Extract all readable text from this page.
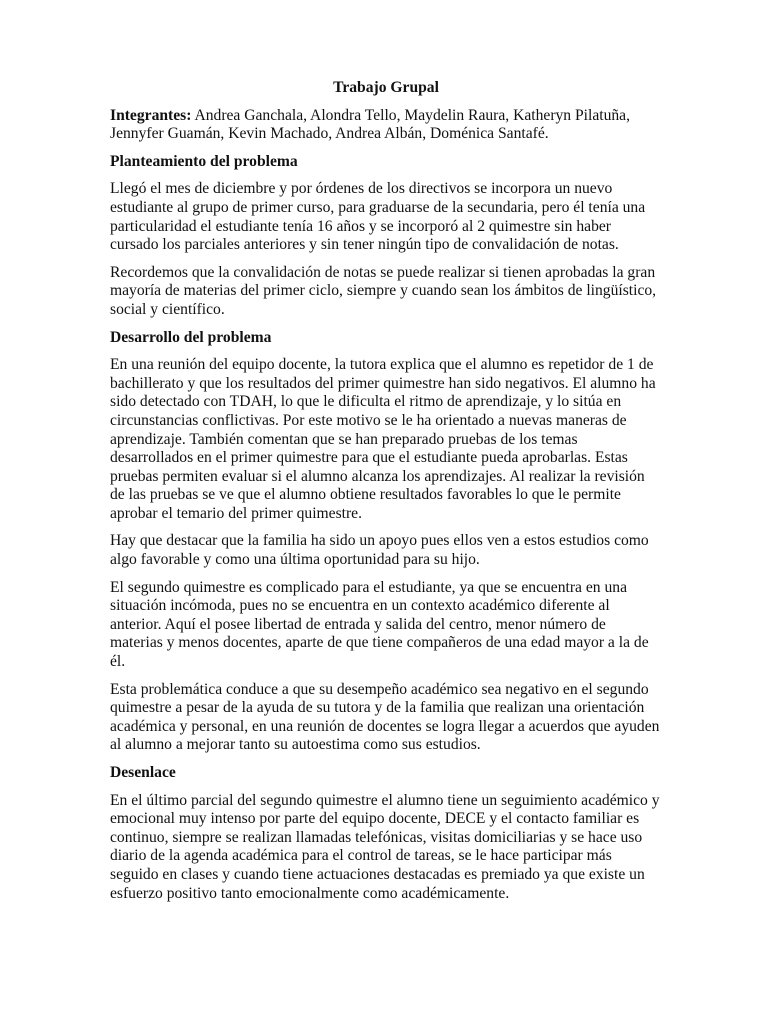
Trabajo Grupal

Integrantes: Andrea Ganchala, Alondra Tello, Maydelin Raura, Katheryn Pilatuña, Jennyfer Guamán, Kevin Machado, Andrea Albán, Doménica Santafé.

Planteamiento del problema

Llegó el mes de diciembre y por órdenes de los directivos se incorpora un nuevo estudiante al grupo de primer curso, para graduarse de la secundaria, pero él tenía una particularidad el estudiante tenía 16 años y se incorporó al 2 quimestre sin haber cursado los parciales anteriores y sin tener ningún tipo de convalidación de notas.

Recordemos que la convalidación de notas se puede realizar si tienen aprobadas la gran mayoría de materias del primer ciclo, siempre y cuando sean los ámbitos de lingüístico, social y científico.

Desarrollo del problema

En una reunión del equipo docente, la tutora explica que el alumno es repetidor de 1 de bachillerato y que los resultados del primer quimestre han sido negativos. El alumno ha sido detectado con TDAH, lo que le dificulta el ritmo de aprendizaje, y lo sitúa en circunstancias conflictivas. Por este motivo se le ha orientado a nuevas maneras de aprendizaje. También comentan que se han preparado pruebas de los temas desarrollados en el primer quimestre para que el estudiante pueda aprobarlas. Estas pruebas permiten evaluar si el alumno alcanza los aprendizajes. Al realizar la revisión de las pruebas se ve que el alumno obtiene resultados favorables lo que le permite aprobar el temario del primer quimestre.

Hay que destacar que la familia ha sido un apoyo pues ellos ven a estos estudios como algo favorable y como una última oportunidad para su hijo.

El segundo quimestre es complicado para el estudiante, ya que se encuentra en una situación incómoda, pues no se encuentra en un contexto académico diferente al anterior. Aquí el posee libertad de entrada y salida del centro, menor número de materias y menos docentes, aparte de que tiene compañeros de una edad mayor a la de él.

Esta problemática conduce a que su desempeño académico sea negativo en el segundo quimestre a pesar de la ayuda de su tutora y de la familia que realizan una orientación académica y personal, en una reunión de docentes se logra llegar a acuerdos que ayuden al alumno a mejorar tanto su autoestima como sus estudios.

Desenlace

En el último parcial del segundo quimestre el alumno tiene un seguimiento académico y emocional muy intenso por parte del equipo docente, DECE y el contacto familiar es continuo, siempre se realizan llamadas telefónicas, visitas domiciliarias y se hace uso diario de la agenda académica para el control de tareas, se le hace participar más seguido en clases y cuando tiene actuaciones destacadas es premiado ya que existe un esfuerzo positivo tanto emocionalmente como académicamente.
